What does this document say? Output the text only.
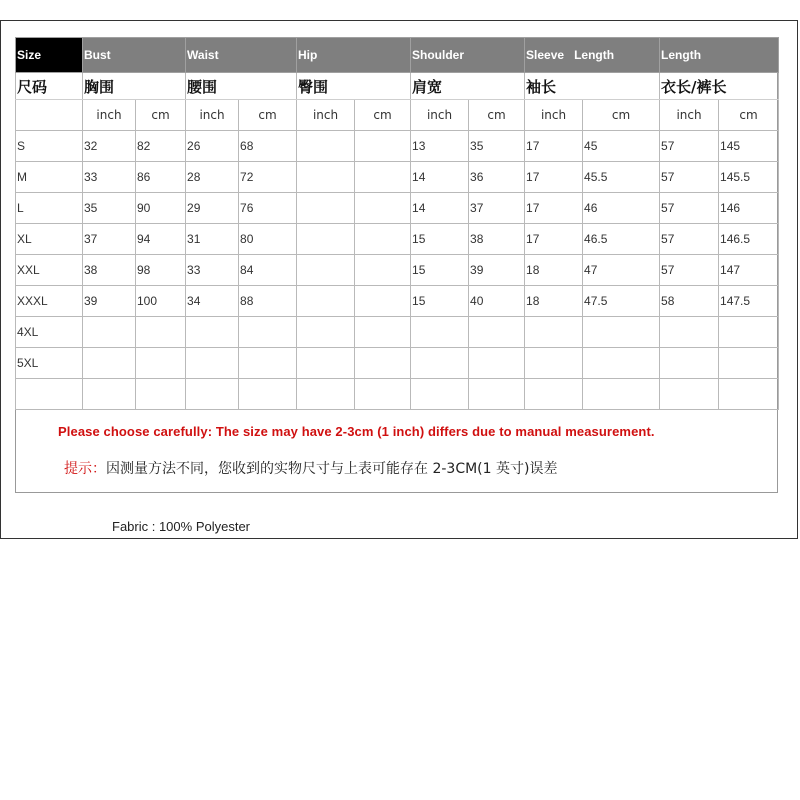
Size	Bust		Waist		Hip		Shoulder		Sleeve   Length		Length	
尺码	胸围		腰围		臀围		肩宽		袖长		衣长/裤长	
	inch	cm	inch	cm	inch	cm	inch	cm	inch	cm	inch	cm
S	32	82	26	68			13	35	17	45	57	145
M	33	86	28	72			14	36	17	45.5	57	145.5
L	35	90	29	76			14	37	17	46	57	146
XL	37	94	31	80			15	38	17	46.5	57	146.5
XXL	38	98	33	84			15	39	18	47	57	147
XXXL	39	100	34	88			15	40	18	47.5	58	147.5
4XL												
5XL												

Please choose carefully: The size may have 2-3cm (1 inch) differs due to manual measurement.
提示：因测量方法不同，您收到的实物尺寸与上表可能存在 2-3CM(1 英寸)误差
Fabric : 100% Polyester
